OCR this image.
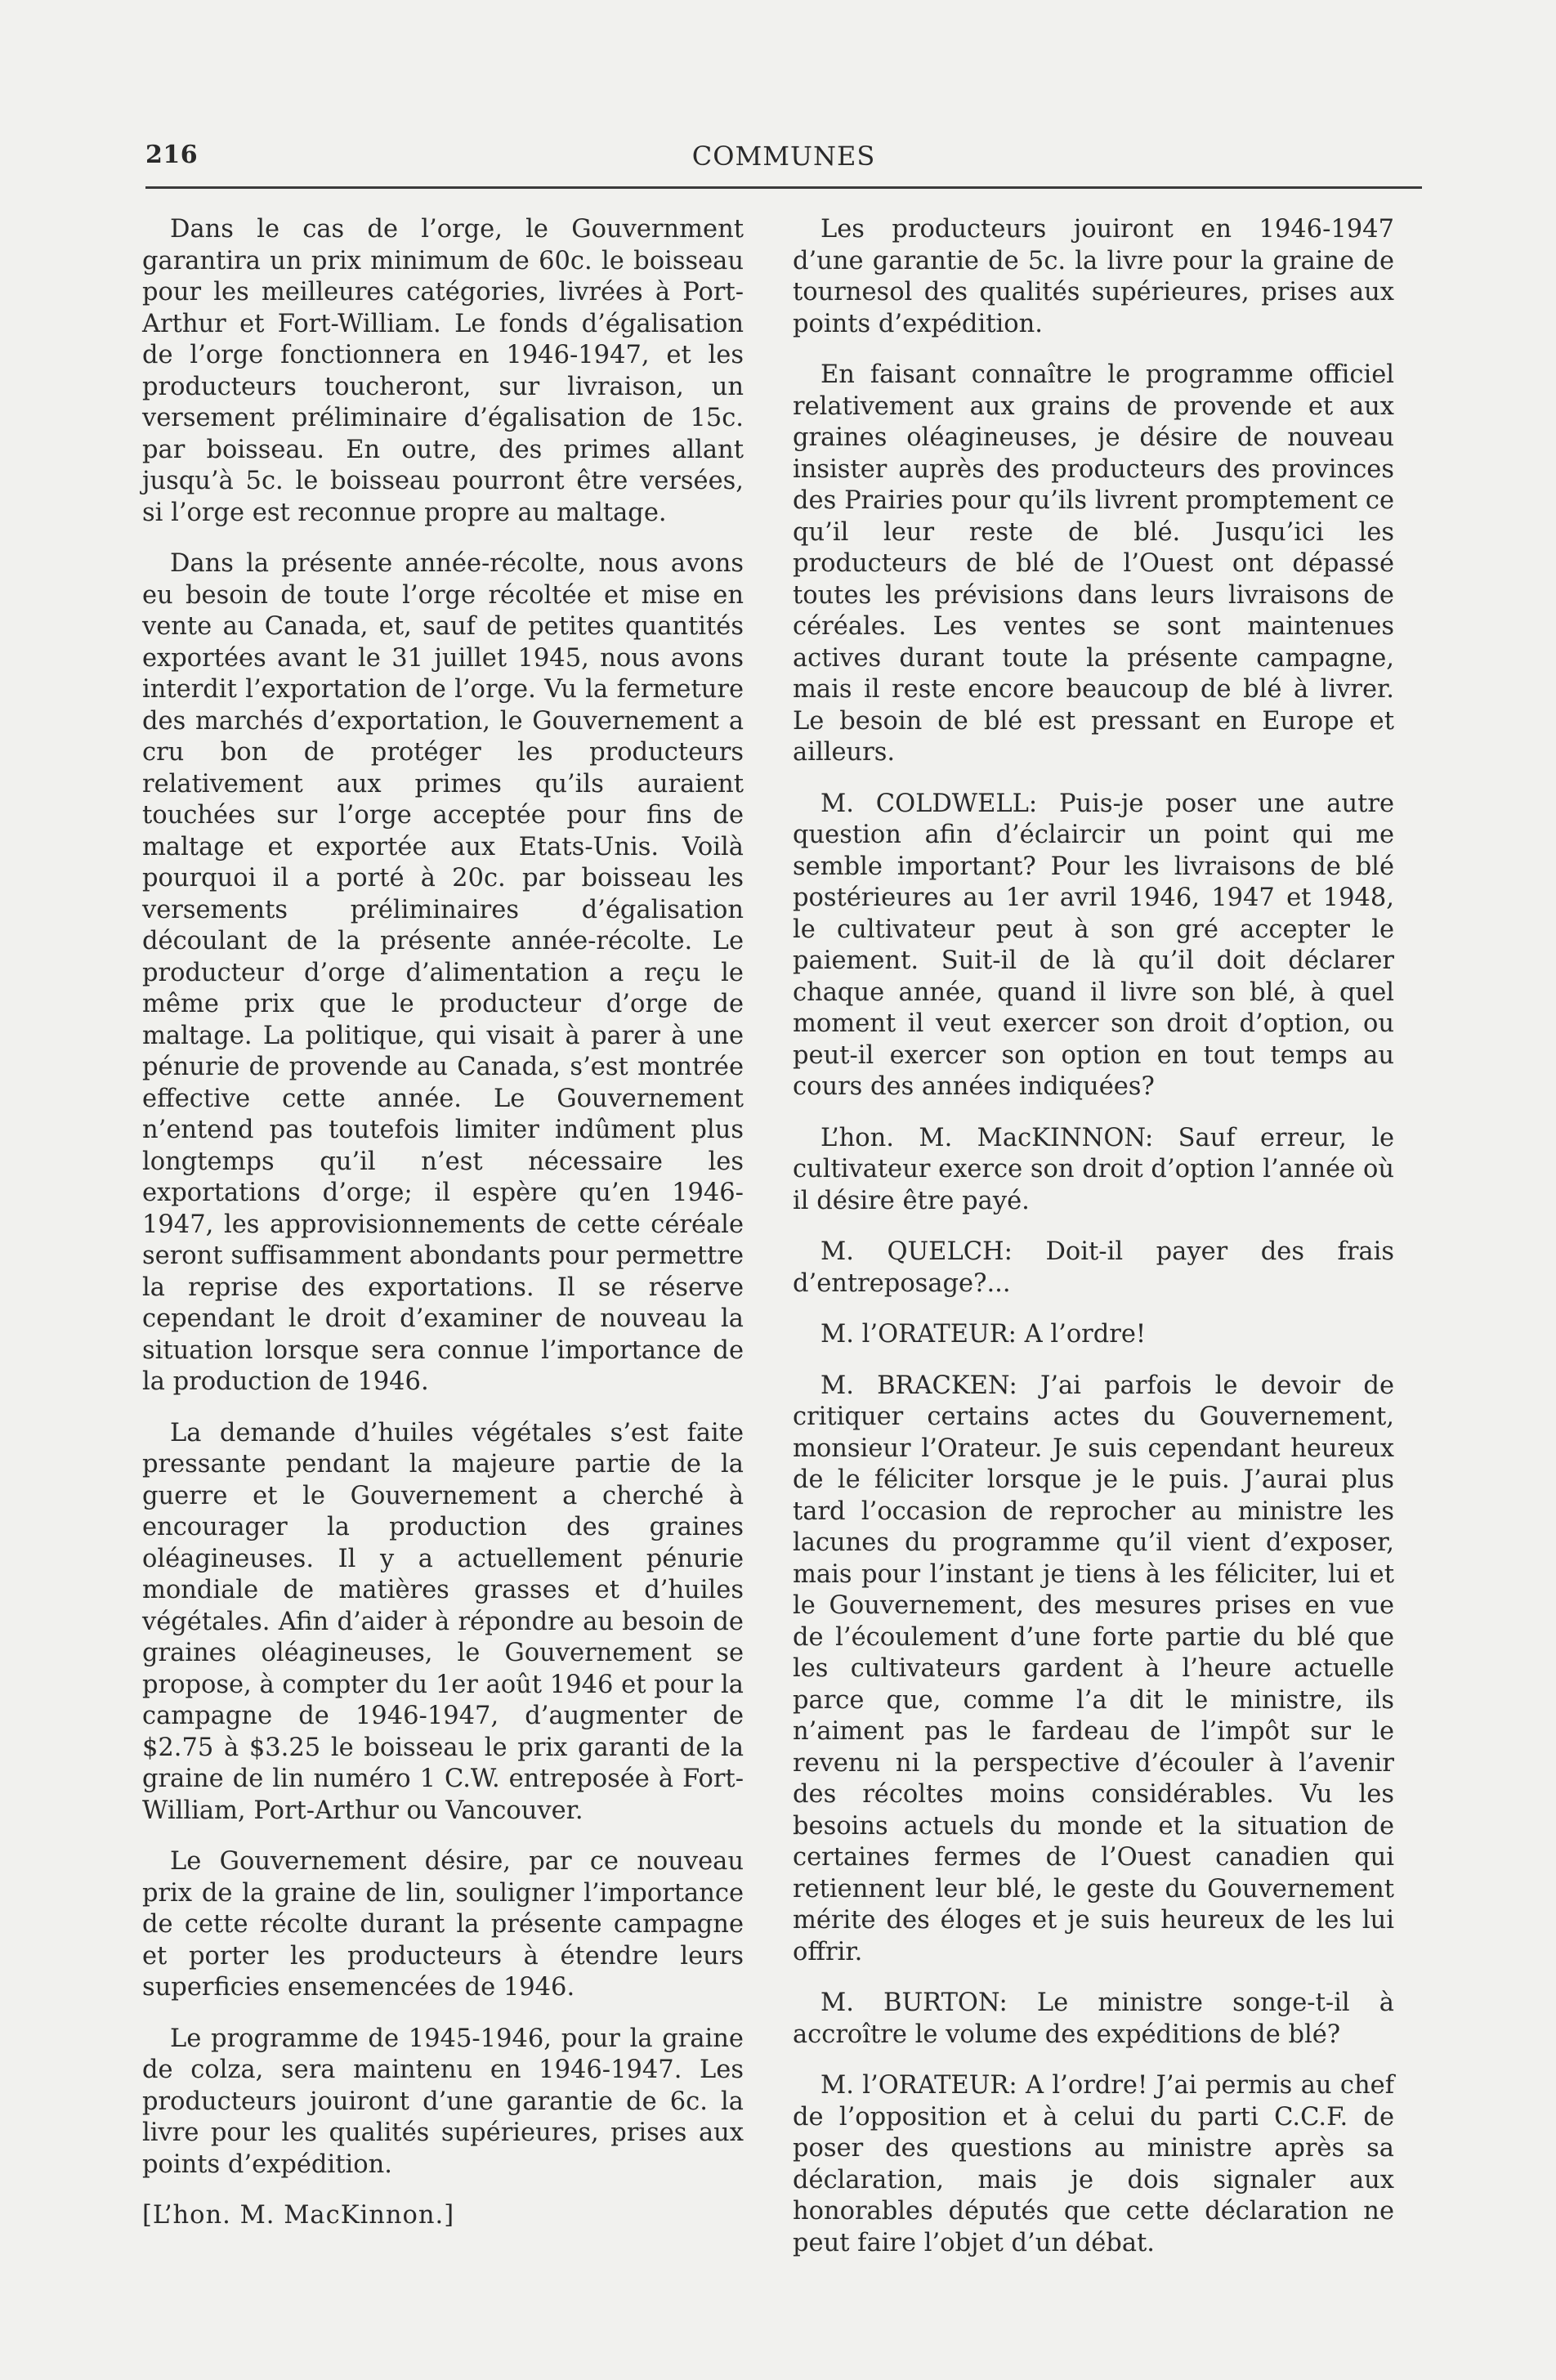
216	COMMUNES

Dans le cas de l’orge, le Gouvernment garantira un prix minimum de 60c. le boisseau pour les meilleures catégories, livrées à Port-Arthur et Fort-William. Le fonds d’égalisation de l’orge fonctionnera en 1946-1947, et les producteurs toucheront, sur livraison, un versement préliminaire d’égalisation de 15c. par boisseau. En outre, des primes allant jusqu’à 5c. le boisseau pourront être versées, si l’orge est reconnue propre au maltage.

Dans la présente année-récolte, nous avons eu besoin de toute l’orge récoltée et mise en vente au Canada, et, sauf de petites quantités exportées avant le 31 juillet 1945, nous avons interdit l’exportation de l’orge. Vu la fermeture des marchés d’exportation, le Gouvernement a cru bon de protéger les producteurs relativement aux primes qu’ils auraient touchées sur l’orge acceptée pour fins de maltage et exportée aux Etats-Unis. Voilà pourquoi il a porté à 20c. par boisseau les versements préliminaires d’égalisation découlant de la présente année-récolte. Le producteur d’orge d’alimentation a reçu le même prix que le producteur d’orge de maltage. La politique, qui visait à parer à une pénurie de provende au Canada, s’est montrée effective cette année. Le Gouvernement n’entend pas toutefois limiter indûment plus longtemps qu’il n’est nécessaire les exportations d’orge; il espère qu’en 1946-1947, les approvisionnements de cette céréale seront suffisamment abondants pour permettre la reprise des exportations. Il se réserve cependant le droit d’examiner de nouveau la situation lorsque sera connue l’importance de la production de 1946.

La demande d’huiles végétales s’est faite pressante pendant la majeure partie de la guerre et le Gouvernement a cherché à encourager la production des graines oléagineuses. Il y a actuellement pénurie mondiale de matières grasses et d’huiles végétales. Afin d’aider à répondre au besoin de graines oléagineuses, le Gouvernement se propose, à compter du 1er août 1946 et pour la campagne de 1946-1947, d’augmenter de $2.75 à $3.25 le boisseau le prix garanti de la graine de lin numéro 1 C.W. entreposée à Fort-William, Port-Arthur ou Vancouver.

Le Gouvernement désire, par ce nouveau prix de la graine de lin, souligner l’importance de cette récolte durant la présente campagne et porter les producteurs à étendre leurs superficies ensemencées de 1946.

Le programme de 1945-1946, pour la graine de colza, sera maintenu en 1946-1947. Les producteurs jouiront d’une garantie de 6c. la livre pour les qualités supérieures, prises aux points d’expédition.

[L’hon. M. MacKinnon.]

Les producteurs jouiront en 1946-1947 d’une garantie de 5c. la livre pour la graine de tournesol des qualités supérieures, prises aux points d’expédition.

En faisant connaître le programme officiel relativement aux grains de provende et aux graines oléagineuses, je désire de nouveau insister auprès des producteurs des provinces des Prairies pour qu’ils livrent promptement ce qu’il leur reste de blé. Jusqu’ici les producteurs de blé de l’Ouest ont dépassé toutes les prévisions dans leurs livraisons de céréales. Les ventes se sont maintenues actives durant toute la présente campagne, mais il reste encore beaucoup de blé à livrer. Le besoin de blé est pressant en Europe et ailleurs.

M. COLDWELL: Puis-je poser une autre question afin d’éclaircir un point qui me semble important? Pour les livraisons de blé postérieures au 1er avril 1946, 1947 et 1948, le cultivateur peut à son gré accepter le paiement. Suit-il de là qu’il doit déclarer chaque année, quand il livre son blé, à quel moment il veut exercer son droit d’option, ou peut-il exercer son option en tout temps au cours des années indiquées?

L’hon. M. MacKINNON: Sauf erreur, le cultivateur exerce son droit d’option l’année où il désire être payé.

M. QUELCH: Doit-il payer des frais d’entreposage?...

M. l’ORATEUR: A l’ordre!

M. BRACKEN: J’ai parfois le devoir de critiquer certains actes du Gouvernement, monsieur l’Orateur. Je suis cependant heureux de le féliciter lorsque je le puis. J’aurai plus tard l’occasion de reprocher au ministre les lacunes du programme qu’il vient d’exposer, mais pour l’instant je tiens à les féliciter, lui et le Gouvernement, des mesures prises en vue de l’écoulement d’une forte partie du blé que les cultivateurs gardent à l’heure actuelle parce que, comme l’a dit le ministre, ils n’aiment pas le fardeau de l’impôt sur le revenu ni la perspective d’écouler à l’avenir des récoltes moins considérables. Vu les besoins actuels du monde et la situation de certaines fermes de l’Ouest canadien qui retiennent leur blé, le geste du Gouvernement mérite des éloges et je suis heureux de les lui offrir.

M. BURTON: Le ministre songe-t-il à accroître le volume des expéditions de blé?

M. l’ORATEUR: A l’ordre! J’ai permis au chef de l’opposition et à celui du parti C.C.F. de poser des questions au ministre après sa déclaration, mais je dois signaler aux honorables députés que cette déclaration ne peut faire l’objet d’un débat.
